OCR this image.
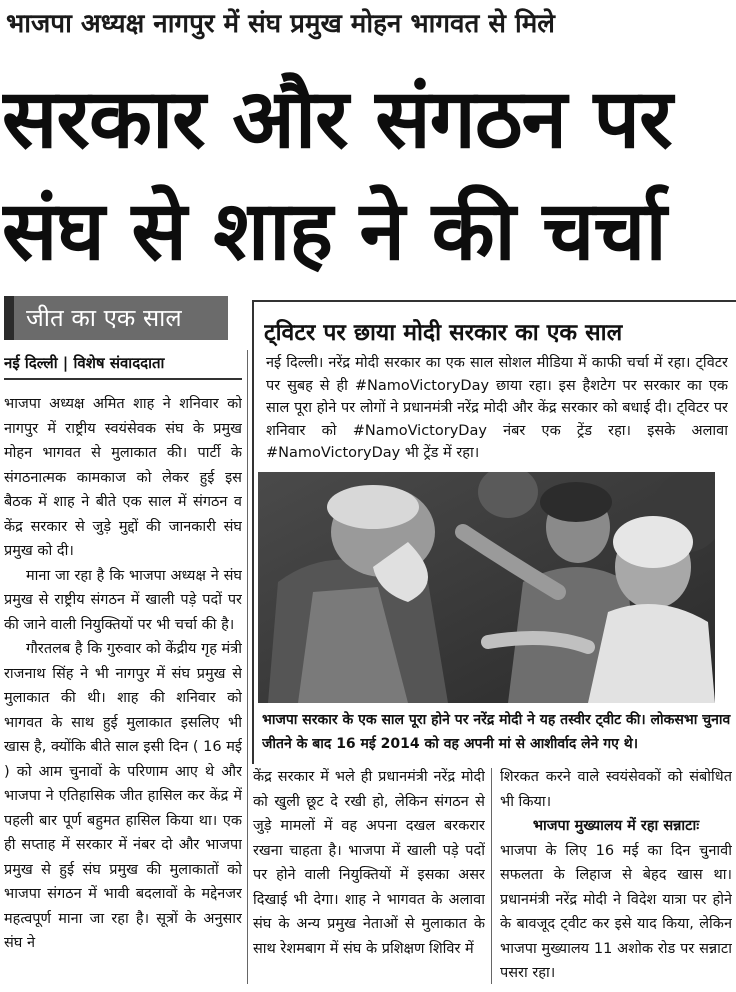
भाजपा अध्यक्ष नागपुर में संघ प्रमुख मोहन भागवत से मिले
सरकार और संगठन पर
संघ से शाह ने की चर्चा
जीत का एक साल
नई दिल्ली | विशेष संवाददाता

भाजपा अध्यक्ष अमित शाह ने शनिवार को नागपुर में राष्ट्रीय स्वयंसेवक संघ के प्रमुख मोहन भागवत से मुलाकात की। पार्टी के संगठनात्मक कामकाज को लेकर हुई इस बैठक में शाह ने बीते एक साल में संगठन व केंद्र सरकार से जुड़े मुद्दों की जानकारी संघ प्रमुख को दी।

माना जा रहा है कि भाजपा अध्यक्ष ने संघ प्रमुख से राष्ट्रीय संगठन में खाली पड़े पदों पर की जाने वाली नियुक्तियों पर भी चर्चा की है।

गौरतलब है कि गुरुवार को केंद्रीय गृह मंत्री राजनाथ सिंह ने भी नागपुर में संघ प्रमुख से मुलाकात की थी। शाह की शनिवार को भागवत के साथ हुई मुलाकात इसलिए भी खास है, क्योंकि बीते साल इसी दिन ( 16 मई ) को आम चुनावों के परिणाम आए थे और भाजपा ने एतिहासिक जीत हासिल कर केंद्र में पहली बार पूर्ण बहुमत हासिल किया था। एक ही सप्ताह में सरकार में नंबर दो और भाजपा प्रमुख से हुई संघ प्रमुख की मुलाकातों को भाजपा संगठन में भावी बदलावों के मद्देनजर महत्वपूर्ण माना जा रहा है। सूत्रों के अनुसार संघ ने

ट्विटर पर छाया मोदी सरकार का एक साल
नई दिल्ली। नरेंद्र मोदी सरकार का एक साल सोशल मीडिया में काफी चर्चा में रहा। ट्विटर पर सुबह से ही #NamoVictoryDay छाया रहा। इस हैशटेग पर सरकार का एक साल पूरा होने पर लोगों ने प्रधानमंत्री नरेंद्र मोदी और केंद्र सरकार को बधाई दी। ट्विटर पर शनिवार को #NamoVictoryDay नंबर एक ट्रेंड रहा। इसके अलावा #NamoVictoryDay भी ट्रेंड में रहा।
भाजपा सरकार के एक साल पूरा होने पर नरेंद्र मोदी ने यह तस्वीर ट्वीट की। लोकसभा चुनाव जीतने के बाद 16 मई 2014 को वह अपनी मां से आशीर्वाद लेने गए थे।

केंद्र सरकार में भले ही प्रधानमंत्री नरेंद्र मोदी को खुली छूट दे रखी हो, लेकिन संगठन से जुड़े मामलों में वह अपना दखल बरकरार रखना चाहता है। भाजपा में खाली पड़े पदों पर होने वाली नियुक्तियों में इसका असर दिखाई भी देगा। शाह ने भागवत के अलावा संघ के अन्य प्रमुख नेताओं से मुलाकात के साथ रेशमबाग में संघ के प्रशिक्षण शिविर में

शिरकत करने वाले स्वयंसेवकों को संबोधित भी किया।

भाजपा मुख्यालय में रहा सन्नाटाः

भाजपा के लिए 16 मई का दिन चुनावी सफलता के लिहाज से बेहद खास था। प्रधानमंत्री नरेंद्र मोदी ने विदेश यात्रा पर होने के बावजूद ट्वीट कर इसे याद किया, लेकिन भाजपा मुख्यालय 11 अशोक रोड पर सन्नाटा पसरा रहा।
